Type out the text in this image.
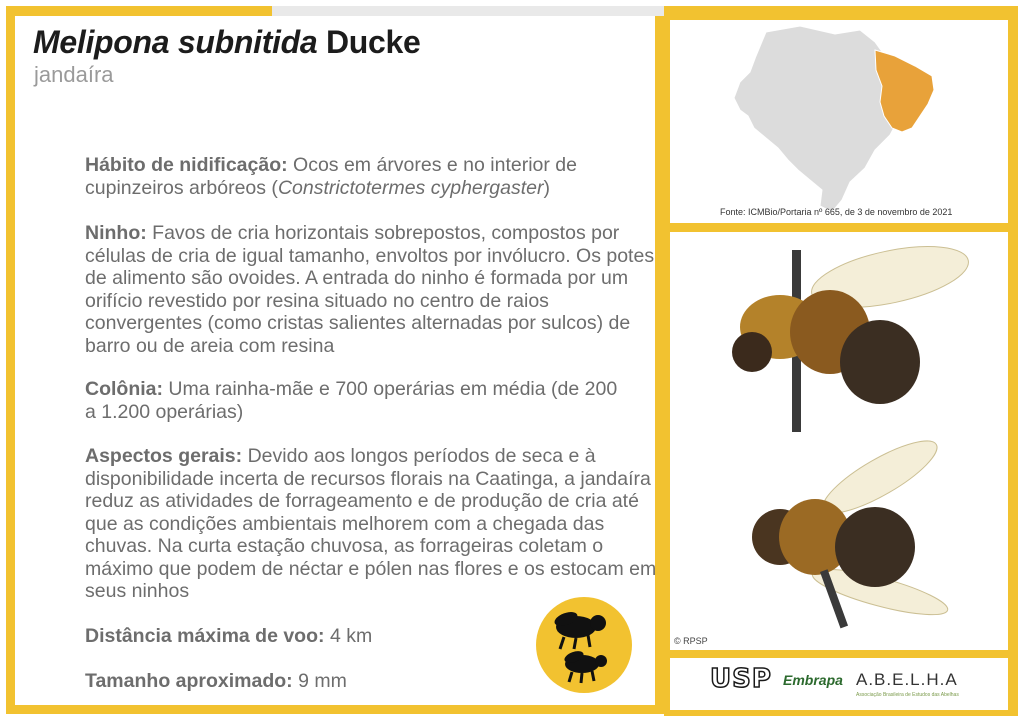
Melipona subnitida Ducke
jandaíra
Hábito de nidificação: Ocos em árvores e no interior de cupinzeiros arbóreos (Constrictotermes cyphergaster)
Ninho: Favos de cria horizontais sobrepostos, compostos por células de cria de igual tamanho, envoltos por invólucro. Os potes de alimento são ovoides. A entrada do ninho é formada por um orifício revestido por resina situado no centro de raios convergentes (como cristas salientes alternadas por sulcos) de barro ou de areia com resina
Colônia: Uma rainha-mãe e 700 operárias em média (de 200 a 1.200 operárias)
Aspectos gerais: Devido aos longos períodos de seca e à disponibilidade incerta de recursos florais na Caatinga, a jandaíra reduz as atividades de forrageamento e de produção de cria até que as condições ambientais melhorem com a chegada das chuvas. Na curta estação chuvosa, as forrageiras coletam o máximo que podem de néctar e pólen nas flores e os estocam em seus ninhos
Distância máxima de voo: 4 km
Tamanho aproximado: 9 mm
Fonte: ICMBio/Portaria nº 665, de 3 de novembro de 2021
© RPSP
USP Embrapa A.B.E.L.H.A
Associação Brasileira de Estudos das Abelhas
